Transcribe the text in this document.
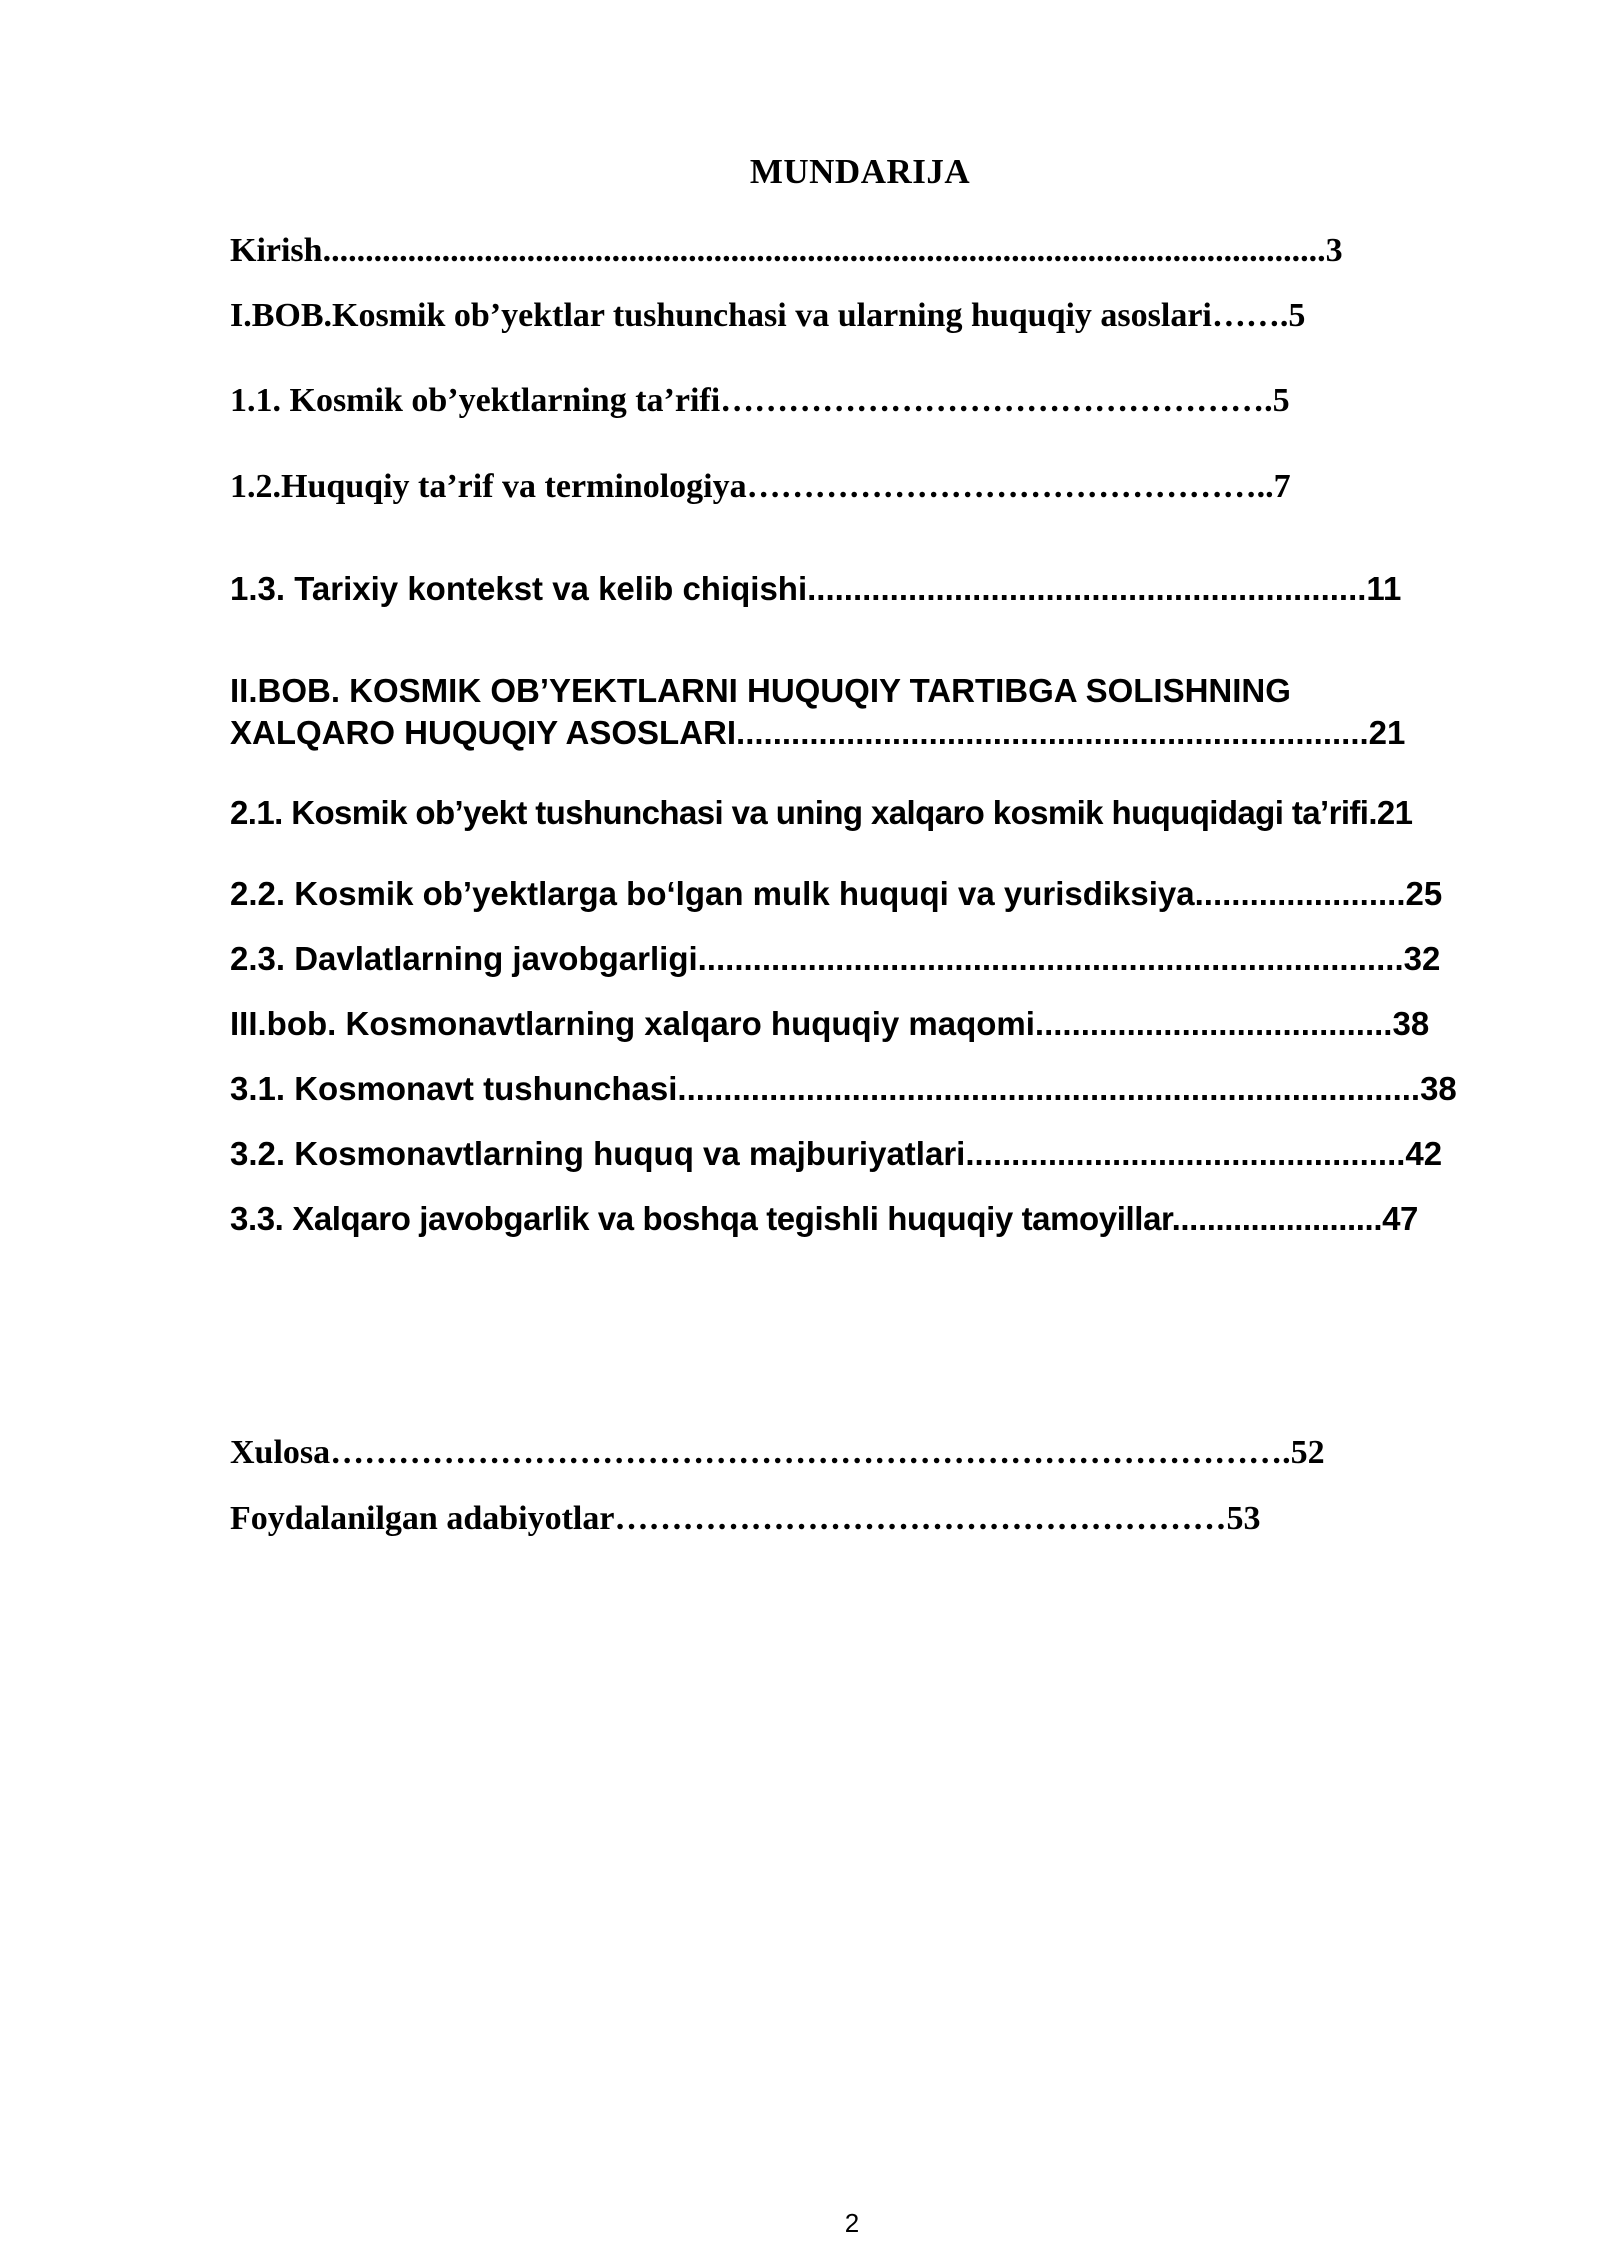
MUNDARIJA
Kirish......................................................................................................................3
I.BOB.Kosmik ob’yektlar tushunchasi va ularning huquqiy asoslari…….5
1.1. Kosmik ob’yektlarning ta’rifi………………………………………….5
1.2.Huquqiy ta’rif va terminologiya………………………………………..7
1.3. Tarixiy kontekst va kelib chiqishi.............................................................11
II.BOB. KOSMIK OB’YEKTLARNI HUQUQIY TARTIBGA SOLISHNING
XALQARO HUQUQIY ASOSLARI.....................................................................21
2.1. Kosmik ob’yekt tushunchasi va uning xalqaro kosmik huquqidagi ta’rifi.21
2.2. Kosmik ob’yektlarga bo‘lgan mulk huquqi va yurisdiksiya.......................25
2.3. Davlatlarning javobgarligi.............................................................................32
III.bob. Kosmonavtlarning xalqaro huquqiy maqomi.......................................38
3.1. Kosmonavt tushunchasi.................................................................................38
3.2. Kosmonavtlarning huquq va majburiyatlari................................................42
3.3. Xalqaro javobgarlik va boshqa tegishli huquqiy tamoyillar........................47
Xulosa………………………………………………………………………….52
Foydalanilgan adabiyotlar………………………………………………53
2
